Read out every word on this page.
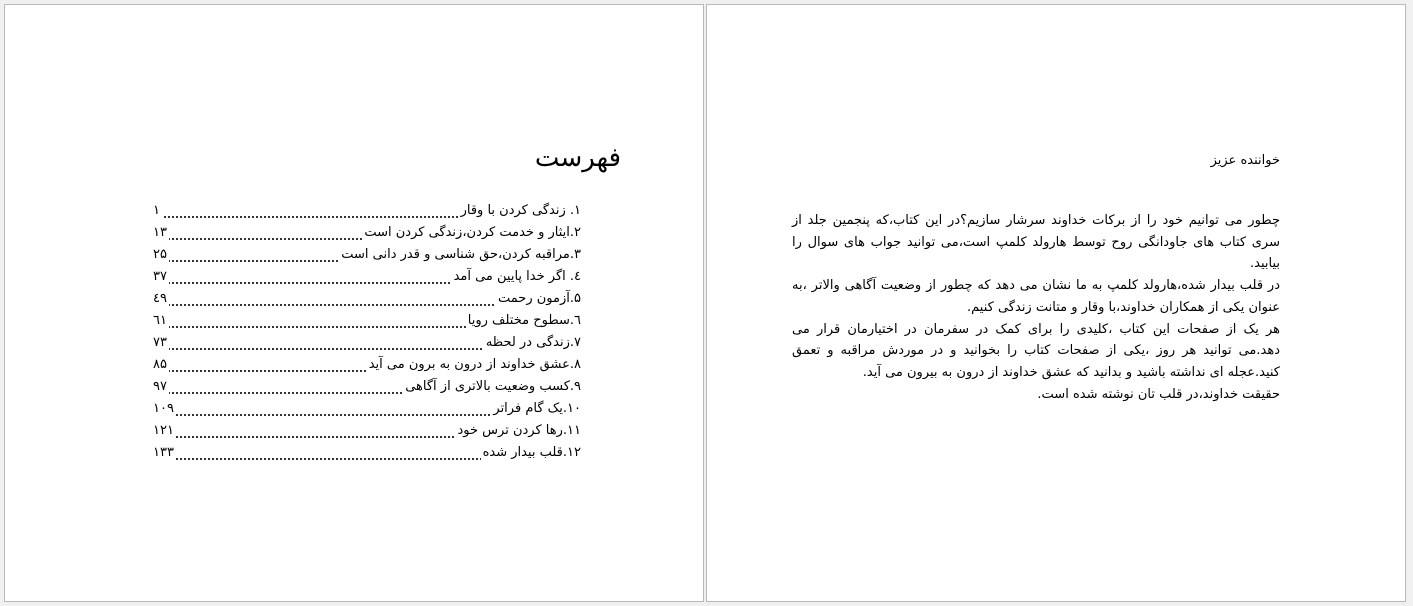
فهرست
۱. زندگی کردن با وقار
۱
۲.ایثار و خدمت کردن،زندگی کردن است
۱۳
۳.مراقبه کردن،حق شناسی و قدر دانی است
۲۵
٤. اگر خدا پایین می آمد
۳۷
۵.آزمون رحمت
٤۹
٦.سطوح مختلف رویا
٦۱
۷.زندگی در لحظه
۷۳
۸.عشق خداوند از درون به برون می آید
۸۵
۹.کسب وضعیت بالاتری از آگاهی
۹۷
۱۰.یک گام فراتر
۱۰۹
۱۱.رها کردن ترس خود
۱۲۱
۱۲.قلب بیدار شده
۱۳۳

خواننده عزیز

چطور می توانیم خود را از برکات خداوند سرشار سازیم؟در این کتاب،که پنجمین جلد از سری کتاب های جاودانگی روح توسط هارولد کلمپ است،می توانید جواب های سوال را بیابید.

در قلب بیدار شده،هارولد کلمپ به ما نشان می دهد که چطور از وضعیت آگاهی والاتر ،به عنوان یکی از همکاران خداوند،با وقار و متانت زندگی کنیم.

هر یک از صفحات این کتاب ،کلیدی را برای کمک در سفرمان در اختیارمان قرار می دهد.می توانید هر روز ،یکی از صفحات کتاب را بخوانید و در موردش مراقبه و تعمق کنید.عجله ای نداشته باشید و بدانید که عشق خداوند از درون به بیرون می آید.

حقیقت خداوند،در قلب تان نوشته شده است.
